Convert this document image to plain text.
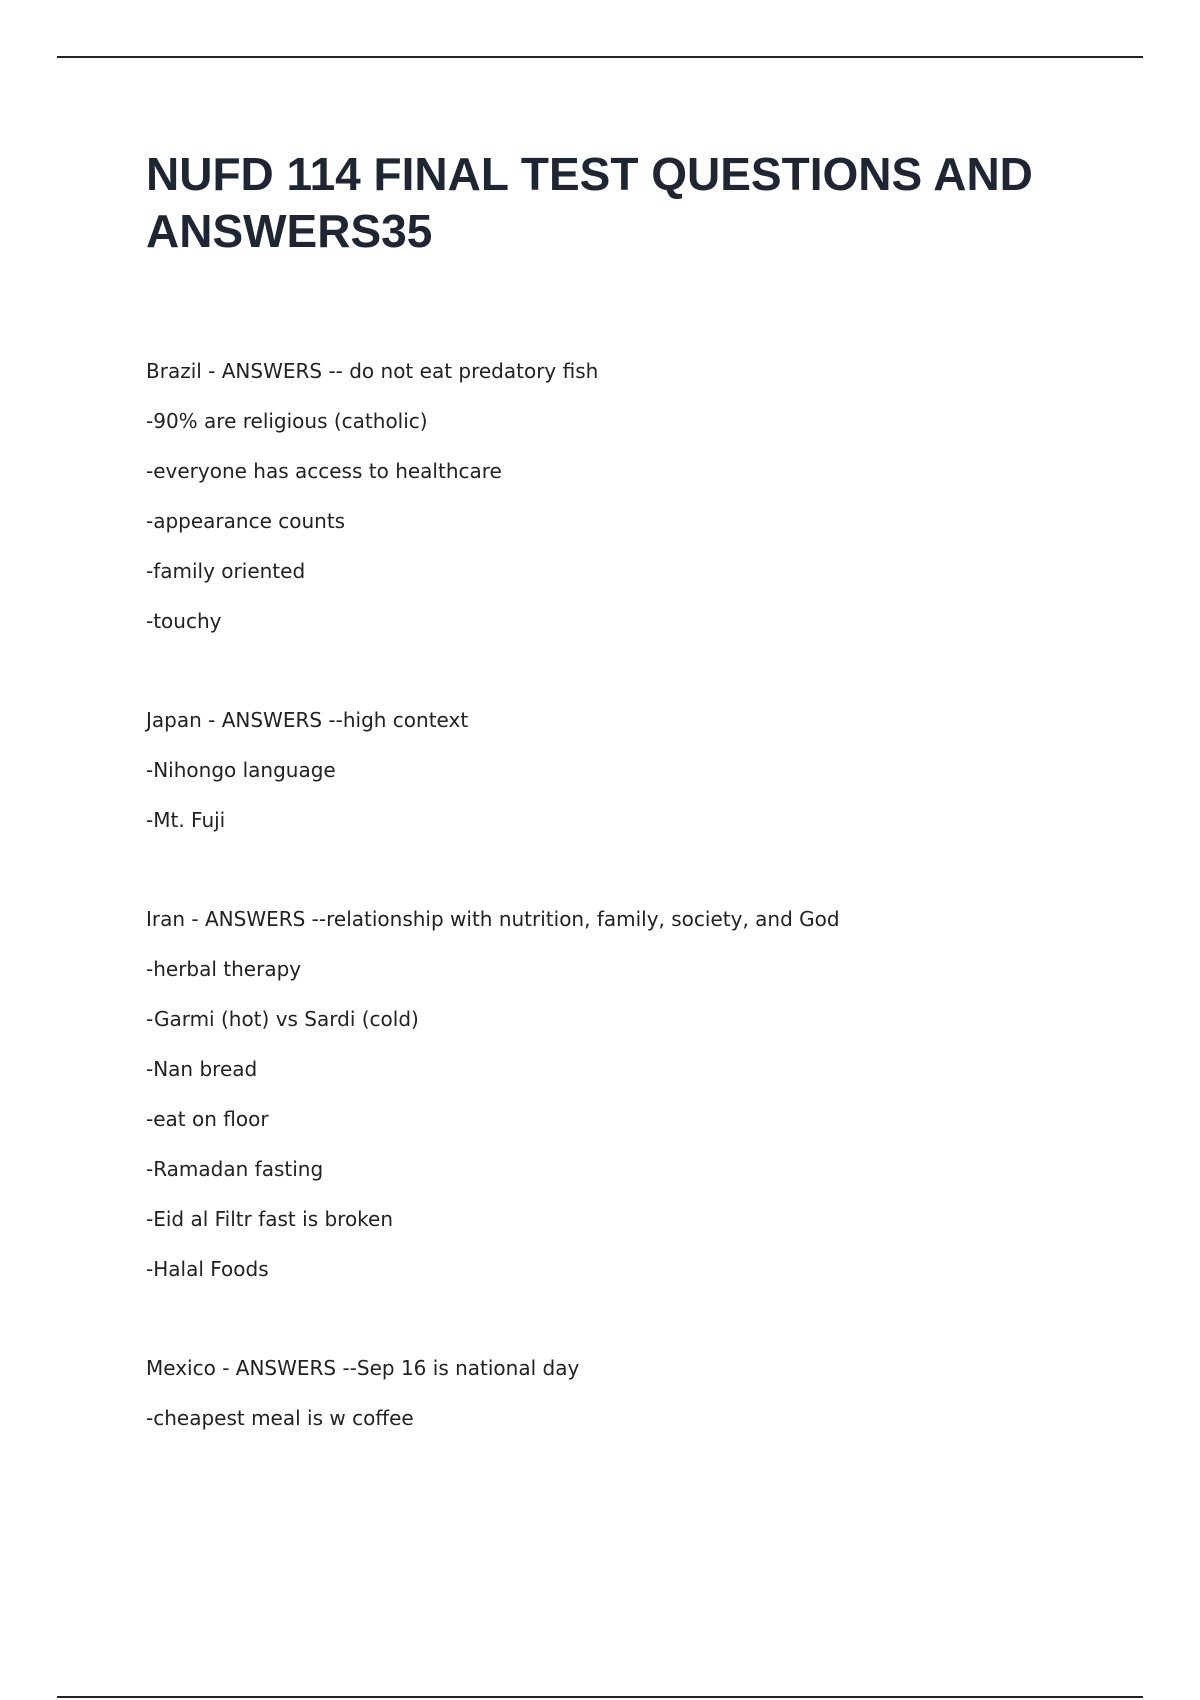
NUFD 114 FINAL TEST QUESTIONS AND ANSWERS35
Brazil - ANSWERS -- do not eat predatory fish
-90% are religious (catholic)
-everyone has access to healthcare
-appearance counts
-family oriented
-touchy
Japan - ANSWERS --high context
-Nihongo language
-Mt. Fuji
Iran - ANSWERS --relationship with nutrition, family, society, and God
-herbal therapy
-Garmi (hot) vs Sardi (cold)
-Nan bread
-eat on floor
-Ramadan fasting
-Eid al Filtr fast is broken
-Halal Foods
Mexico - ANSWERS --Sep 16 is national day
-cheapest meal is w coffee
